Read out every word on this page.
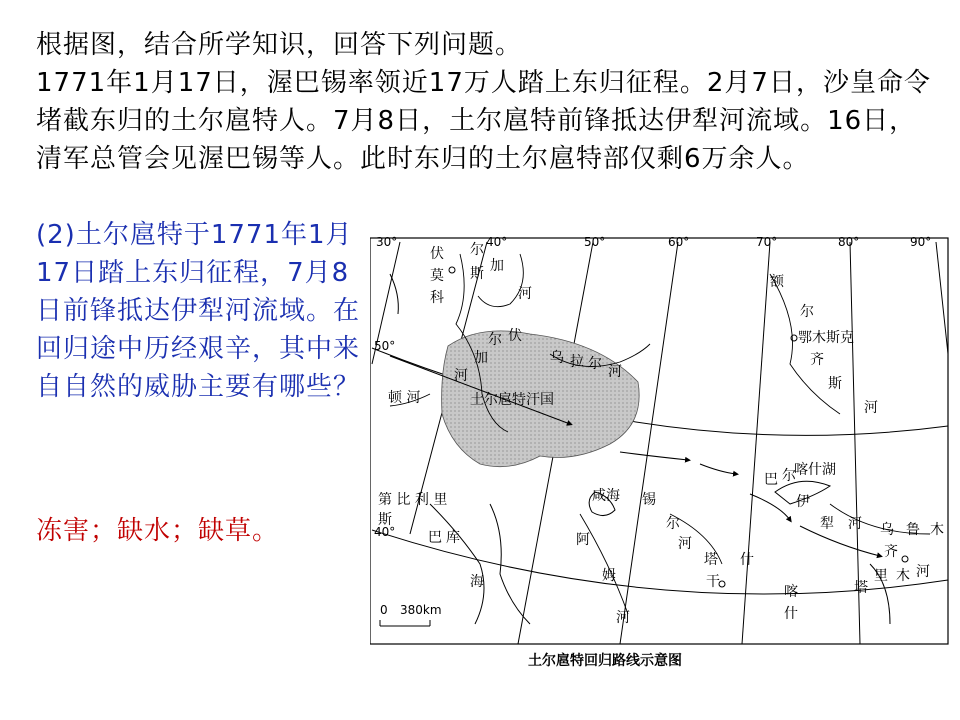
根据图，结合所学知识，回答下列问题。

1771年1月17日，渥巴锡率领近17万人踏上东归征程。2月7日，沙皇命令堵截东归的土尔扈特人。7月8日，土尔扈特前锋抵达伊犁河流域。16日，清军总管会见渥巴锡等人。此时东归的土尔扈特部仅剩6万余人。

(2)土尔扈特于1771年1月17日踏上东归征程，7月8日前锋抵达伊犁河流域。在回归途中历经艰辛，其中来自自然的威胁主要有哪些？
冻害；缺水；缺草。
0 380km
30°	40°	50°	60°	70°	80°	90°
50°
40°
伏
莫
科
尔
斯 加
河
尔 伏
加
河
乌 拉 尔 河
顿 河	土尔扈特汗国
额
尔
鄂木斯克
齐
斯
河
第 比 利 里
斯
巴 库
海
咸海 锡
尔
河
阿
姆
河
塔 什
干
喀
什
巴 尔
喀什湖
伊
犁 河 乌 鲁 木
齐
塔
里 木 河
土尔扈特回归路线示意图
